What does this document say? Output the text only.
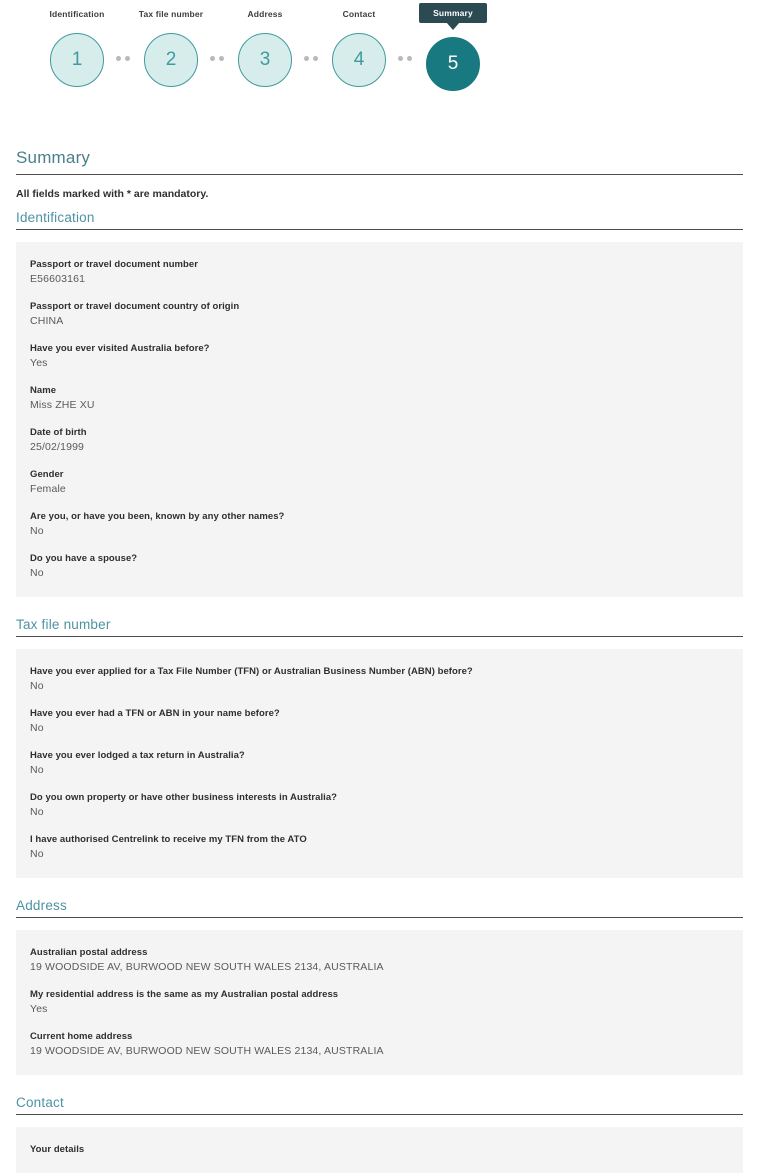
Identification
1
Tax file number
2
Address
3
Contact
4
Summary
5
Summary
All fields marked with * are mandatory.
Identification
Passport or travel document number
E56603161
Passport or travel document country of origin
CHINA
Have you ever visited Australia before?
Yes
Name
Miss ZHE XU
Date of birth
25/02/1999
Gender
Female
Are you, or have you been, known by any other names?
No
Do you have a spouse?
No
Tax file number
Have you ever applied for a Tax File Number (TFN) or Australian Business Number (ABN) before?
No
Have you ever had a TFN or ABN in your name before?
No
Have you ever lodged a tax return in Australia?
No
Do you own property or have other business interests in Australia?
No
I have authorised Centrelink to receive my TFN from the ATO
No
Address
Australian postal address
19 WOODSIDE AV, BURWOOD NEW SOUTH WALES 2134, AUSTRALIA
My residential address is the same as my Australian postal address
Yes
Current home address
19 WOODSIDE AV, BURWOOD NEW SOUTH WALES 2134, AUSTRALIA
Contact
Your details
